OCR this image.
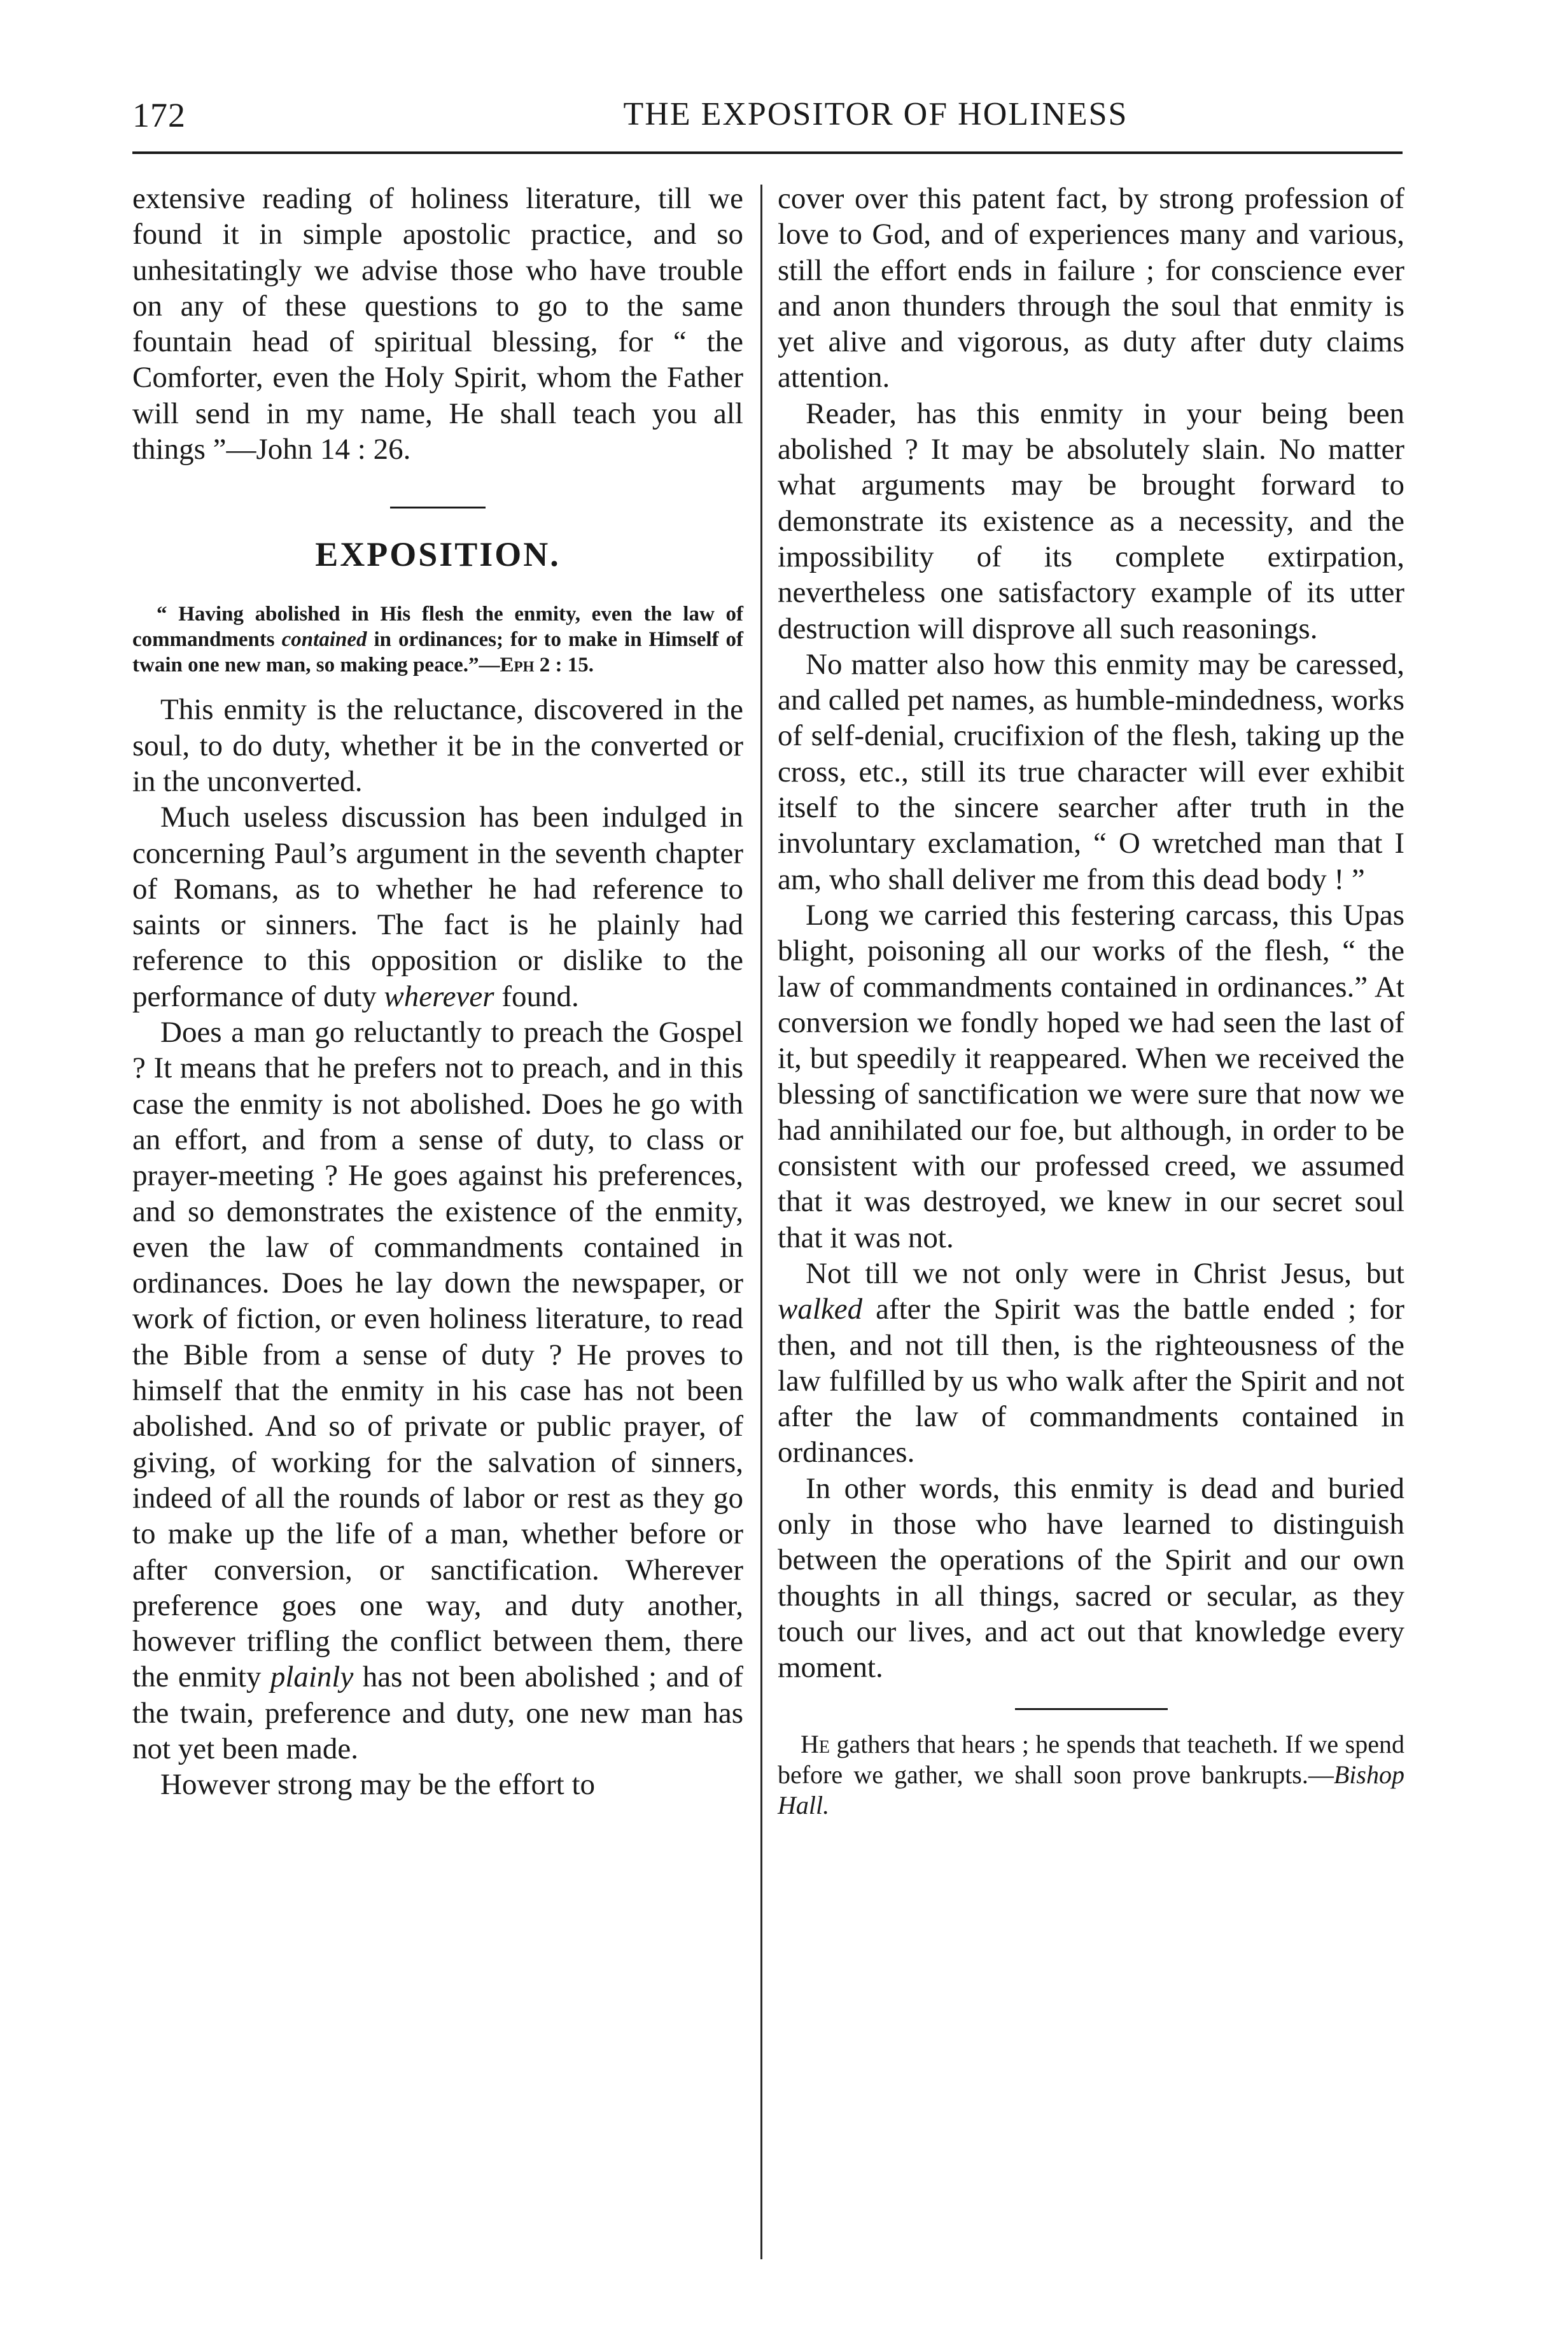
172	THE EXPOSITOR OF HOLINESS

extensive reading of holiness literature, till we found it in simple apostolic practice, and so unhesitatingly we advise those who have trouble on any of these questions to go to the same fountain head of spiritual blessing, for “ the Comforter, even the Holy Spirit, whom the Father will send in my name, He shall teach you all things ”—John 14 : 26.

EXPOSITION.

“ Having abolished in His flesh the enmity, even the law of commandments contained in ordinances; for to make in Himself of twain one new man, so making peace.”—Eph 2 : 15.

This enmity is the reluctance, discovered in the soul, to do duty, whether it be in the converted or in the unconverted.

Much useless discussion has been indulged in concerning Paul’s argument in the seventh chapter of Romans, as to whether he had reference to saints or sinners. The fact is he plainly had reference to this opposition or dislike to the performance of duty wherever found.

Does a man go reluctantly to preach the Gospel ? It means that he prefers not to preach, and in this case the enmity is not abolished. Does he go with an effort, and from a sense of duty, to class or prayer-meeting ? He goes against his preferences, and so demonstrates the existence of the enmity, even the law of commandments contained in ordinances. Does he lay down the newspaper, or work of fiction, or even holiness literature, to read the Bible from a sense of duty ? He proves to himself that the enmity in his case has not been abolished. And so of private or public prayer, of giving, of working for the salvation of sinners, indeed of all the rounds of labor or rest as they go to make up the life of a man, whether before or after conversion, or sanctification. Wherever preference goes one way, and duty another, however trifling the conflict between them, there the enmity plainly has not been abolished ; and of the twain, preference and duty, one new man has not yet been made.

However strong may be the effort to

cover over this patent fact, by strong profession of love to God, and of experiences many and various, still the effort ends in failure ; for conscience ever and anon thunders through the soul that enmity is yet alive and vigorous, as duty after duty claims attention.

Reader, has this enmity in your being been abolished ? It may be absolutely slain. No matter what arguments may be brought forward to demonstrate its existence as a necessity, and the impossibility of its complete extirpation, nevertheless one satisfactory example of its utter destruction will disprove all such reasonings.

No matter also how this enmity may be caressed, and called pet names, as humble-mindedness, works of self-denial, crucifixion of the flesh, taking up the cross, etc., still its true character will ever exhibit itself to the sincere searcher after truth in the involuntary exclamation, “ O wretched man that I am, who shall deliver me from this dead body ! ”

Long we carried this festering carcass, this Upas blight, poisoning all our works of the flesh, “ the law of commandments contained in ordinances.” At conversion we fondly hoped we had seen the last of it, but speedily it reappeared. When we received the blessing of sanctification we were sure that now we had annihilated our foe, but although, in order to be consistent with our professed creed, we assumed that it was destroyed, we knew in our secret soul that it was not.

Not till we not only were in Christ Jesus, but walked after the Spirit was the battle ended ; for then, and not till then, is the righteousness of the law fulfilled by us who walk after the Spirit and not after the law of commandments contained in ordinances.

In other words, this enmity is dead and buried only in those who have learned to distinguish between the operations of the Spirit and our own thoughts in all things, sacred or secular, as they touch our lives, and act out that knowledge every moment.

He gathers that hears ; he spends that teacheth. If we spend before we gather, we shall soon prove bankrupts.—Bishop Hall.
